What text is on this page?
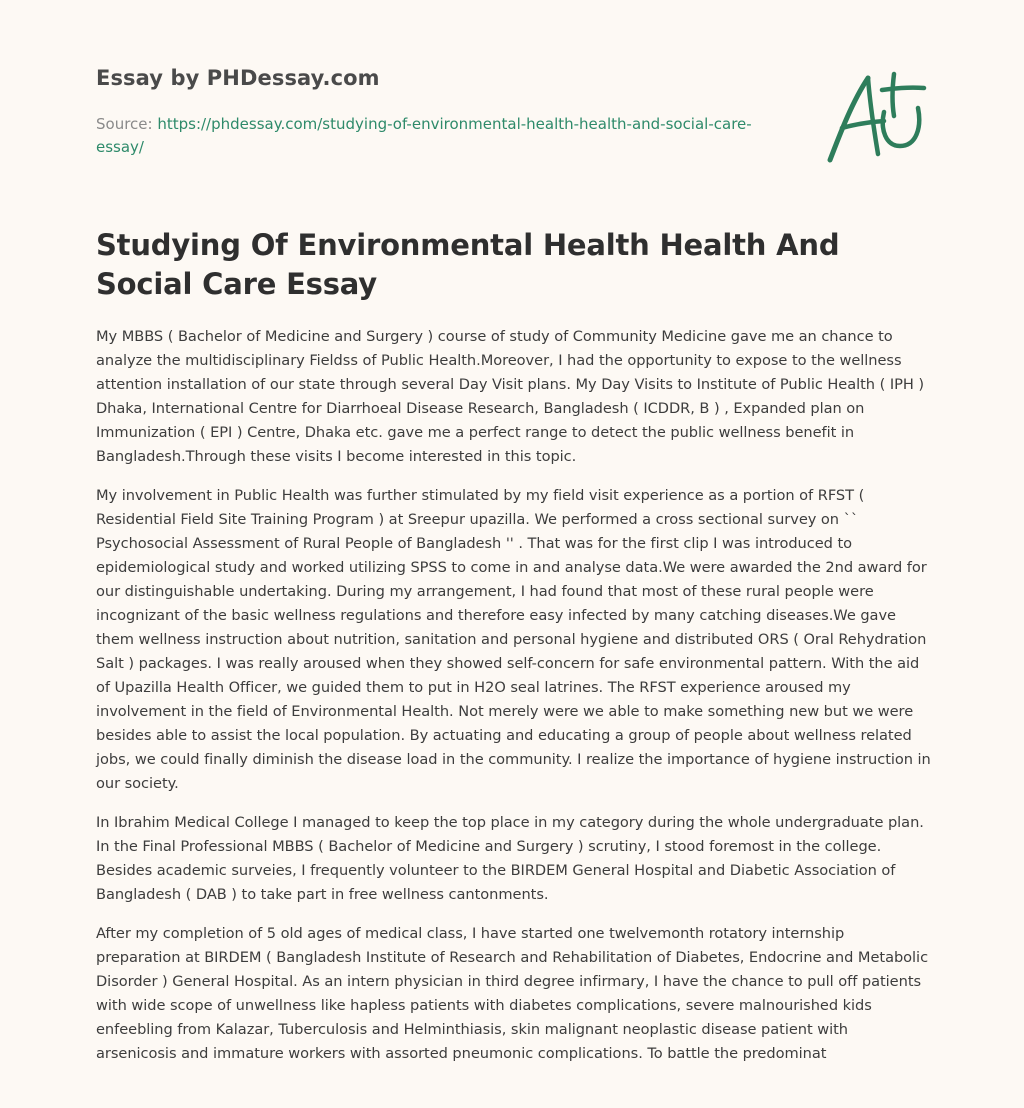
Essay by PHDessay.com
Source: https://phdessay.com/studying-of-environmental-health-health-and-social-care-essay/
Studying Of Environmental Health Health And Social Care Essay

My MBBS ( Bachelor of Medicine and Surgery ) course of study of Community Medicine gave me an chance to analyze the multidisciplinary Fieldss of Public Health.Moreover, I had the opportunity to expose to the wellness attention installation of our state through several Day Visit plans. My Day Visits to Institute of Public Health ( IPH ) Dhaka, International Centre for Diarrhoeal Disease Research, Bangladesh ( ICDDR, B ) , Expanded plan on Immunization ( EPI ) Centre, Dhaka etc. gave me a perfect range to detect the public wellness benefit in Bangladesh.Through these visits I become interested in this topic.

My involvement in Public Health was further stimulated by my field visit experience as a portion of RFST ( Residential Field Site Training Program ) at Sreepur upazilla. We performed a cross sectional survey on `` Psychosocial Assessment of Rural People of Bangladesh '' . That was for the first clip I was introduced to epidemiological study and worked utilizing SPSS to come in and analyse data.We were awarded the 2nd award for our distinguishable undertaking. During my arrangement, I had found that most of these rural people were incognizant of the basic wellness regulations and therefore easy infected by many catching diseases.We gave them wellness instruction about nutrition, sanitation and personal hygiene and distributed ORS ( Oral Rehydration Salt ) packages. I was really aroused when they showed self-concern for safe environmental pattern. With the aid of Upazilla Health Officer, we guided them to put in H2O seal latrines. The RFST experience aroused my involvement in the field of Environmental Health. Not merely were we able to make something new but we were besides able to assist the local population. By actuating and educating a group of people about wellness related jobs, we could finally diminish the disease load in the community. I realize the importance of hygiene instruction in our society.

In Ibrahim Medical College I managed to keep the top place in my category during the whole undergraduate plan. In the Final Professional MBBS ( Bachelor of Medicine and Surgery ) scrutiny, I stood foremost in the college. Besides academic surveies, I frequently volunteer to the BIRDEM General Hospital and Diabetic Association of Bangladesh ( DAB ) to take part in free wellness cantonments.

After my completion of 5 old ages of medical class, I have started one twelvemonth rotatory internship preparation at BIRDEM ( Bangladesh Institute of Research and Rehabilitation of Diabetes, Endocrine and Metabolic Disorder ) General Hospital. As an intern physician in third degree infirmary, I have the chance to pull off patients with wide scope of unwellness like hapless patients with diabetes complications, severe malnourished kids enfeebling from Kalazar, Tuberculosis and Helminthiasis, skin malignant neoplastic disease patient with arsenicosis and immature workers with assorted pneumonic complications. To battle the predominat
